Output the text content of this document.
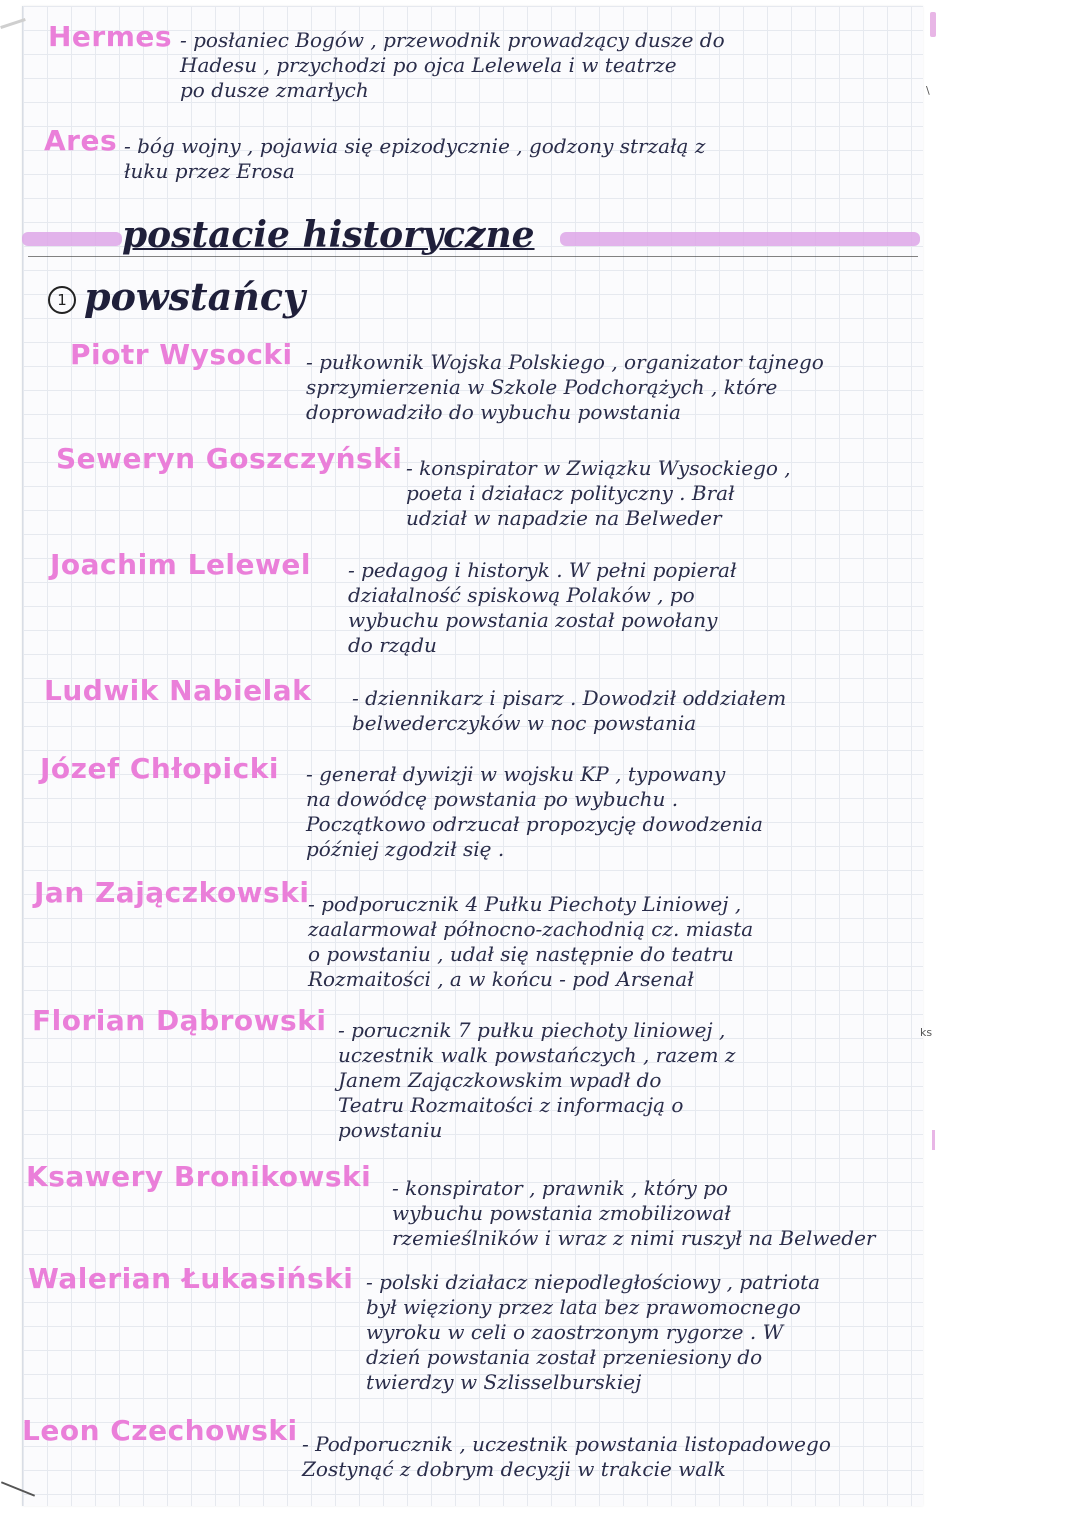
Hermes - posłaniec Bogów , przewodnik prowadzący dusze do
Hadesu , przychodzi po ojca Lelewela i w teatrze
po dusze zmarłych
Ares - bóg wojny , pojawia się epizodycznie , godzony strzałą z
łuku przez Erosa
postacie historyczne
1 powstańcy
Piotr Wysocki - pułkownik Wojska Polskiego , organizator tajnego
sprzymierzenia w Szkole Podchorążych , które
doprowadziło do wybuchu powstania
Seweryn Goszczyński - konspirator w Związku Wysockiego ,
poeta i działacz polityczny . Brał
udział w napadzie na Belweder
Joachim Lelewel - pedagog i historyk . W pełni popierał
działalność spiskową Polaków , po
wybuchu powstania został powołany
do rządu
Ludwik Nabielak - dziennikarz i pisarz . Dowodził oddziałem
belwederczyków w noc powstania
Józef Chłopicki - generał dywizji w wojsku KP , typowany
na dowódcę powstania po wybuchu .
Początkowo odrzucał propozycję dowodzenia
później zgodził się .
Jan Zajączkowski
- podporucznik 4 Pułku Piechoty Liniowej ,
zaalarmował północno-zachodnią cz. miasta
o powstaniu , udał się następnie do teatru
Rozmaitości , a w końcu - pod Arsenał
Florian Dąbrowski - porucznik 7 pułku piechoty liniowej ,
uczestnik walk powstańczych , razem z
Janem Zajączkowskim wpadł do
Teatru Rozmaitości z informacją o
powstaniu
Ksawery Bronikowski - konspirator , prawnik , który po
wybuchu powstania zmobilizował
rzemieślników i wraz z nimi ruszył na Belweder
Walerian Łukasiński - polski działacz niepodległościowy , patriota
był więziony przez lata bez prawomocnego
wyroku w celi o zaostrzonym rygorze . W
dzień powstania został przeniesiony do
twierdzy w Szlisselburskiej
Leon Czechowski - Podporucznik , uczestnik powstania listopadowego
Zostynąć z dobrym decyzji w trakcie walk
\
ks
